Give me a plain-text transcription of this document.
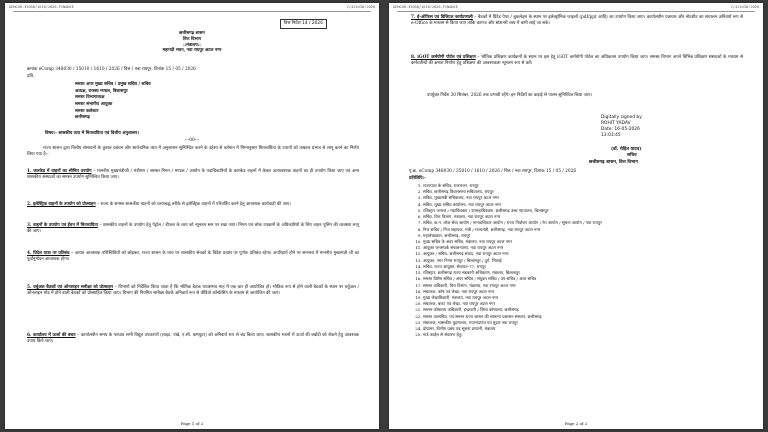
GENCOR-35050/1610/2026-FINANCE	I/424438/2026
वित्त निर्देश 14 / 2026
छत्तीसगढ़ शासन
वित्त विभाग
::मंत्रालय::
महानदी भवन, नवा रायपुर अटल नगर
क्रमांक eComp 348030 / 35010 / 1610 / 2026 / वित्त / नवा रायपुर, दिनांक 15 / 05 / 2026
प्रति,
समस्त अपर मुख्य सचिव / प्रमुख सचिव / सचिव
अध्यक्ष, राजस्व मण्डल, बिलासपुर
समस्त विभागाध्यक्ष
समस्त संभागीय आयुक्त
समस्त कलेक्टर
छत्तीसगढ़
विषय:- शासकीय व्यय में मितव्ययिता एवं वित्तीय अनुशासन।
---00---
राज्य शासन द्वारा वित्तीय संसाधनों के कुशल प्रबंधन और सार्वजनिक व्यय में अनुशासन सुनिश्चित करने के उद्देश्य से वर्तमान में निम्नानुसार मितव्ययिता के उपायों को तत्काल प्रभाव से लागू करने का निर्णय लिया गया है:-
1. कारकेड में वाहनों का सीमित उपयोग – माननीय मुख्यमंत्रीजी / मंत्रीगण / समस्त निगम / मण्डल / आयोग के पदाधिकारियों के कारकेड वाहनों में केवल अत्यावश्यक वाहनों का ही उपयोग किया जाए एवं अन्य शासकीय संस्थाओं का समस्त उपयोग सुनिश्चित किया जाए।
2. इलेक्ट्रिक वाहनों के उपयोग को प्रोत्साहन – राज्य के समस्त शासकीय वाहनों को चरणबद्ध तरीके से इलेक्ट्रिक वाहनों में परिवर्तित करने हेतु आवश्यक कार्यवाही की जाए।
3. वाहनों के उपयोग एवं ईंधन में मितव्ययिता – शासकीय वाहनों के उपयोग हेतु पेट्रोल / डीजल के व्यय को न्यूनतम स्तर पर रखा जाए। निगम एवं लोक उपक्रमों के अधिकारियों के लिए वाहन पूलिंग की व्यवस्था लागू की जाए।
4. विदेश यात्रा पर प्रतिबंध – अत्यंत आवश्यक परिस्थितियों को छोड़कर, राज्य शासन के व्यय पर शासकीय सेवकों के विदेश प्रवास पर पूर्णतः प्रतिबंध रहेगा। अपरिहार्य होने पर समन्वय में माननीय मुख्यमंत्री जी का पूर्वानुमोदन आवश्यक होगा।
5. वर्चुअल बैठकों एवं ऑनलाइन समीक्षा को प्रोत्साहन – विभागों को निर्देशित किया जाता है कि भौतिक बैठक यथासंभव माह में एक बार ही आयोजित हों। भौतिक रूप से होने वाली बैठकों के स्थान पर वर्चुअल / ऑनलाइन मोड में होने वाली बैठकों को प्रोत्साहित किया जाए। विभाग की नियमित समीक्षा बैठकें अनिवार्य रूप से वीडियो कॉन्फ्रेंसिंग के माध्यम से आयोजित की जाएं।
6. कार्यालय में ऊर्जा की बचत – कार्यालयीन समय के पश्चात सभी विद्युत उपकरणों (लाइट, पंखे, ए.सी. कम्प्यूटर) को अनिवार्य रूप से बंद किया जाए। शासकीय भवनों में ऊर्जा की बर्बादी को रोकने हेतु आवश्यक उपाय किये जाएं।
Page 1 of 2
GENCOR-35050/1610/2026-FINANCE	I/424438/2026
7. ई-ऑफिस एवं डिजिटल कार्यप्रणाली – बैठकों में प्रिंटेड पेपर / बुकलेट्स के स्थान पर इलेक्ट्रॉनिक फाइलों (pdf/ppt आदि) का उपयोग किया जाए। कार्यालयीन पत्राचार और नोटशीट का संचालन अनिवार्य रूप से e-Office के माध्यम से किया जाए ताकि कागज और स्टेशनरी व्यय में कमी लाई जा सके।
8. iGOT कर्मयोगी पोर्टल एवं प्रशिक्षण – भौतिक प्रशिक्षण कार्यक्रमों के स्थान पर इस हेतु iGOT कर्मयोगी पोर्टल का अधिकतम उपयोग किया जाए। समस्त विभाग अपने विभिन्न प्रशिक्षण संस्थाओं के माध्यम से कर्मचारियों की क्षमता निर्माण हेतु प्रशिक्षण की आवश्यकता न्यूनतम रूप से करें।
उपर्युक्त निर्देश 30 सितंबर, 2026 तक प्रभावी रहेंगे। इन निर्देशों का कड़ाई से पालन सुनिश्चित किया जाए।
Digitally signed by
ROHIT YADAV
Date: 16-05-2026
13:03:45
(डॉ. रोहित यादव)
सचिव
छत्तीसगढ़ शासन, वित्त विभाग
पृ.क्र. eComp 348030 / 35010 / 1610 / 2026 / वित्त / नवा रायपुर, दिनांक 15 / 05 / 2026
प्रतिलिपि:-
1. राज्यपाल के सचिव, राजभवन, रायपुर
2. सचिव, छत्तीसगढ़ विधानसभा सचिवालय, रायपुर
3. सचिव, मुख्यमंत्री सचिवालय, नवा रायपुर अटल नगर
4. सचिव, मुख्य सचिव कार्यालय, नवा रायपुर अटल नगर
5. रजिस्ट्रार जनरल / महाधिवक्ता / उपमहाधिवक्ता, छत्तीसगढ़ उच्च न्यायालय, बिलासपुर
6. सचिव, वित्त विभाग, मंत्रालय, नवा रायपुर अटल नगर
7. सचिव, छ.ग. लोक सेवा आयोग / मानवाधिकार आयोग / राज्य निर्वाचन आयोग / रेरा आयोग / सूचना आयोग / नवा रायपुर
8. निज सचिव / निज सहायक, मंत्री / राज्यमंत्री, छत्तीसगढ़, नवा रायपुर अटल नगर
9. महालेखाकार, छत्तीसगढ़, रायपुर
10. मुख्य सचिव के अवर सचिव, मंत्रालय, नवा रायपुर अटल नगर
11. आयुक्त जनसंपर्क संचालनालय, नवा रायपुर अटल नगर
12. आयुक्त / सचिव, छत्तीसगढ़ संवाद, नवा रायपुर अटल नगर
13. आयुक्त, नगर निगम रायपुर / बिलासपुर / दुर्ग, भिलाई
14. सचिव, राज्य आयुक्त, सेवायत-77, रायपुर
15. रजिस्ट्रार, छत्तीसगढ़ राज्य सहकारी अधिकरण, मंत्रालय, बिलासपुर
16. समस्त विशेष सचिव / अपर सचिव / संयुक्त सचिव / उप सचिव / अवर सचिव
17. समस्त अधिकारी, वित्त विभाग, मंत्रालय, नवा रायपुर अटल नगर
18. संचालक, कोष एवं लेखा, नवा रायपुर अटल नगर
19. मुख्य लेखाधिकारी, मंत्रालय, नवा रायपुर अटल नगर
20. संचालक, बजट एवं लेखा, नवा रायपुर अटल नगर
21. समस्त कोषालय अधिकारी, इन्द्रावती / जिला कोषालय, छत्तीसगढ़
22. समस्त उपसचिव, एवं समस्त राज्य शासन की सामान्य प्रशासन संस्थान, छत्तीसगढ़
23. संचालक, शासकीय मुद्रणालय, राजनांदगांव एवं मुद्रण नवा रायपुर
24. प्रोग्रामर, वित्तीय प्रबंध एवं सूचना प्रणाली, मंत्रालय
25. गार्ड फाईल से संधारण हेतु।
Page 2 of 2
